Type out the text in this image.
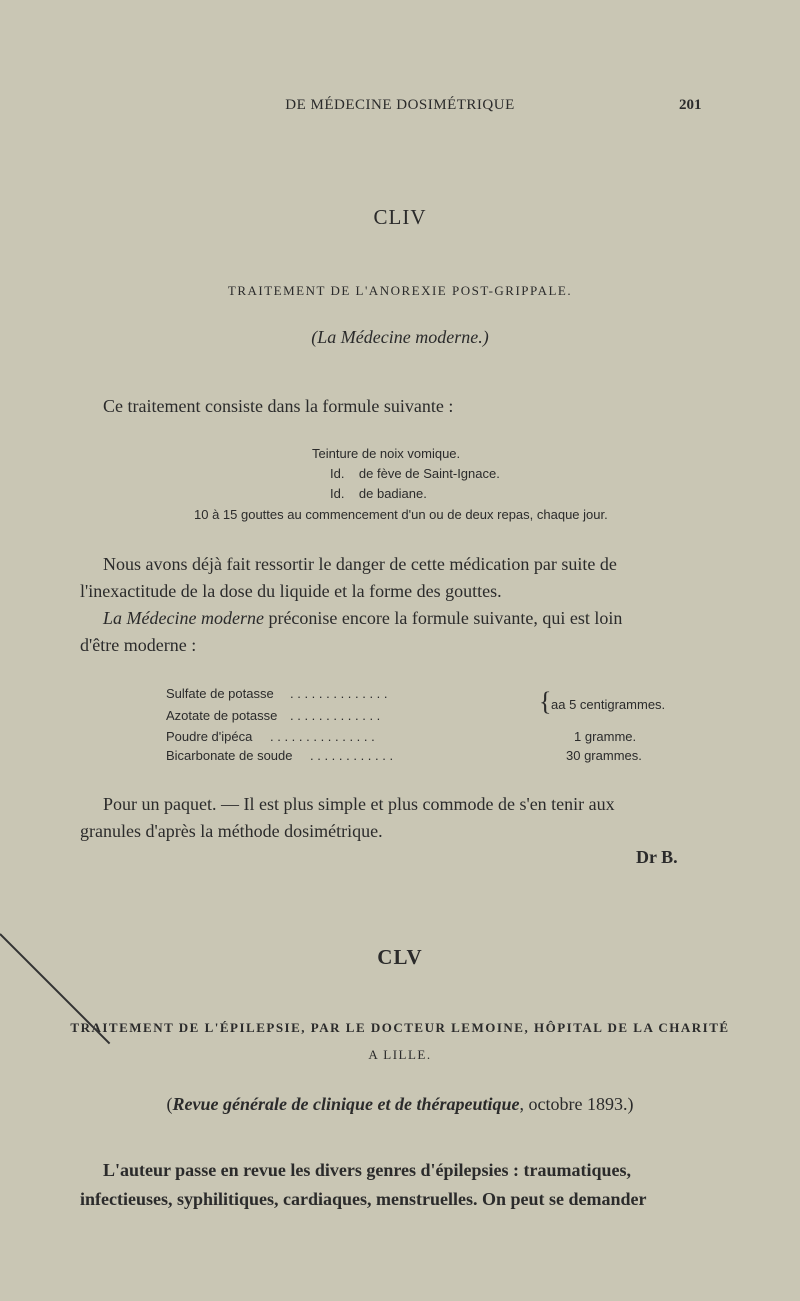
DE MÉDECINE DOSIMÉTRIQUE	201
CLIV
TRAITEMENT DE L'ANOREXIE POST-GRIPPALE.
(La Médecine moderne.)
Ce traitement consiste dans la formule suivante :
Teinture de noix vomique.
Id.    de fève de Saint-Ignace.
Id.    de badiane.
10 à 15 gouttes au commencement d'un ou de deux repas, chaque jour.
Nous avons déjà fait ressortir le danger de cette médication par suite de
l'inexactitude de la dose du liquide et la forme des gouttes.
La Médecine moderne préconise encore la formule suivante, qui est loin
d'être moderne :
Sulfate de potasse . . . . . . . . . . . . . .
Azotate de potasse . . . . . . . . . . . . .	{ aa 5 centigrammes.
Poudre d'ipéca . . . . . . . . . . . . . . .	1 gramme.
Bicarbonate de soude . . . . . . . . . . . .	30 grammes.
Pour un paquet. — Il est plus simple et plus commode de s'en tenir aux
granules d'après la méthode dosimétrique.
Dr B.
CLV
TRAITEMENT DE L'ÉPILEPSIE, PAR LE DOCTEUR LEMOINE, HÔPITAL DE LA CHARITÉ
A LILLE.
(Revue générale de clinique et de thérapeutique, octobre 1893.)
L'auteur passe en revue les divers genres d'épilepsies : traumatiques,
infectieuses, syphilitiques, cardiaques, menstruelles. On peut se demander
